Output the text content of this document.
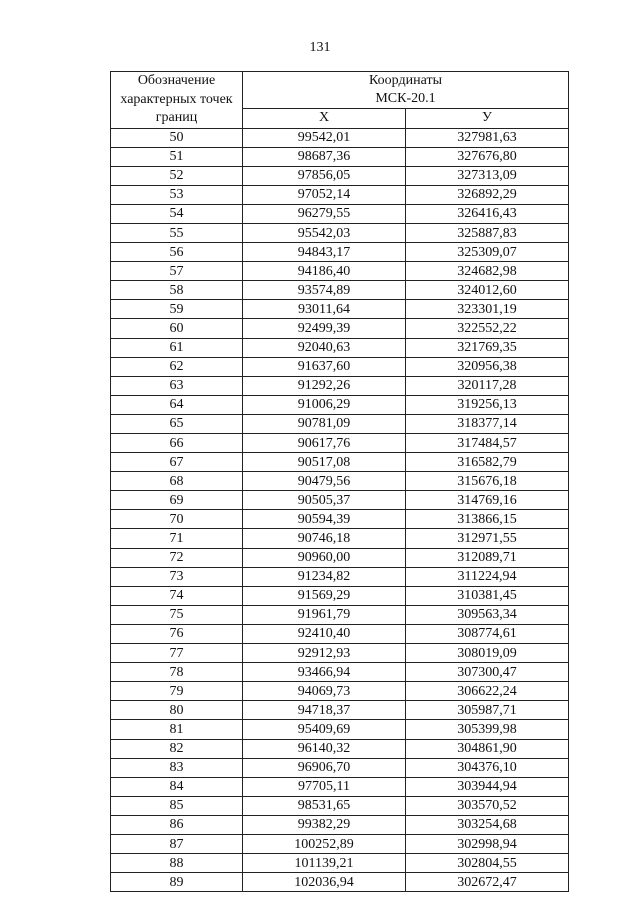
131
Обозначение характерных точек границ	Координаты
МСК-20.1	

	X	У
50	99542,01	327981,63
51	98687,36	327676,80
52	97856,05	327313,09
53	97052,14	326892,29
54	96279,55	326416,43
55	95542,03	325887,83
56	94843,17	325309,07
57	94186,40	324682,98
58	93574,89	324012,60
59	93011,64	323301,19
60	92499,39	322552,22
61	92040,63	321769,35
62	91637,60	320956,38
63	91292,26	320117,28
64	91006,29	319256,13
65	90781,09	318377,14
66	90617,76	317484,57
67	90517,08	316582,79
68	90479,56	315676,18
69	90505,37	314769,16
70	90594,39	313866,15
71	90746,18	312971,55
72	90960,00	312089,71
73	91234,82	311224,94
74	91569,29	310381,45
75	91961,79	309563,34
76	92410,40	308774,61
77	92912,93	308019,09
78	93466,94	307300,47
79	94069,73	306622,24
80	94718,37	305987,71
81	95409,69	305399,98
82	96140,32	304861,90
83	96906,70	304376,10
84	97705,11	303944,94
85	98531,65	303570,52
86	99382,29	303254,68
87	100252,89	302998,94
88	101139,21	302804,55
89	102036,94	302672,47
